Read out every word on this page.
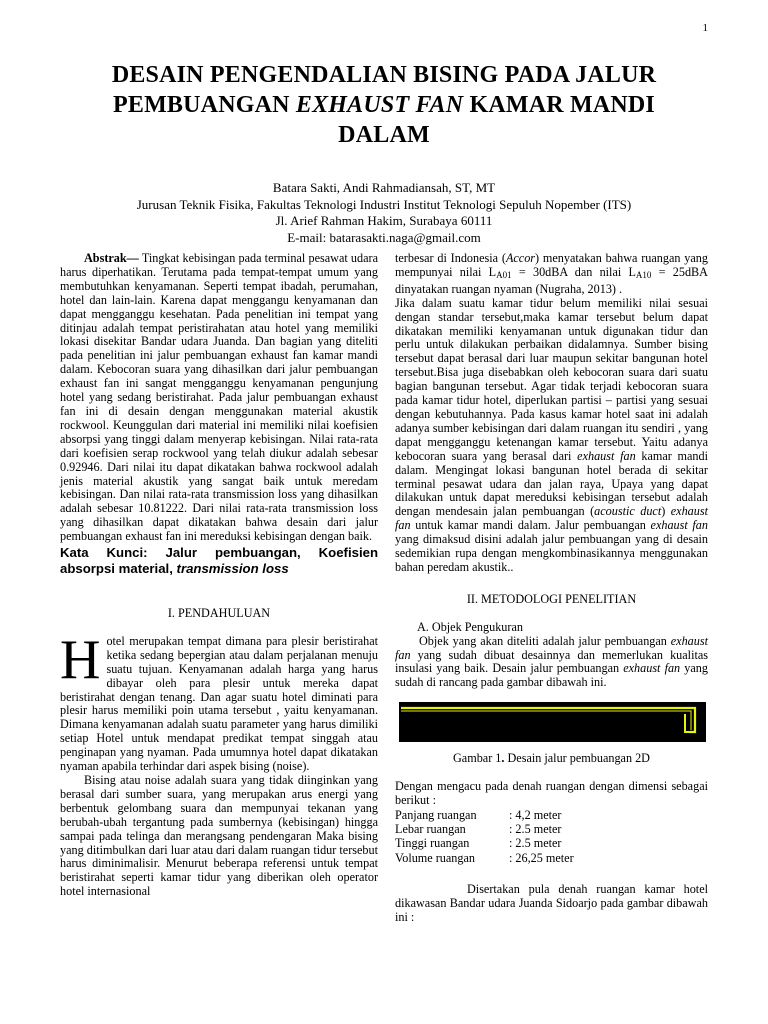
1
DESAIN PENGENDALIAN BISING PADA JALUR
PEMBUANGAN EXHAUST FAN KAMAR MANDI
DALAM
Batara Sakti, Andi Rahmadiansah, ST, MT
Jurusan Teknik Fisika, Fakultas Teknologi Industri Institut Teknologi Sepuluh Nopember (ITS)
Jl. Arief Rahman Hakim, Surabaya 60111
E-mail: batarasakti.naga@gmail.com

Abstrak— Tingkat kebisingan pada terminal pesawat udara harus diperhatikan. Terutama pada tempat-tempat umum yang membutuhkan kenyamanan. Seperti tempat ibadah, perumahan, hotel dan lain-lain. Karena dapat menggangu kenyamanan dan dapat mengganggu kesehatan. Pada penelitian ini tempat yang ditinjau adalah tempat peristirahatan atau hotel yang memiliki lokasi disekitar Bandar udara Juanda. Dan bagian yang diteliti pada penelitian ini jalur pembuangan exhaust fan kamar mandi dalam. Kebocoran suara yang dihasilkan dari jalur pembuangan exhaust fan ini sangat mengganggu kenyamanan pengunjung hotel yang sedang beristirahat. Pada jalur pembuangan exhaust fan ini di desain dengan menggunakan material akustik rockwool. Keunggulan dari material ini memiliki nilai koefisien absorpsi yang tinggi dalam menyerap kebisingan. Nilai rata-rata dari koefisien serap rockwool yang telah diukur adalah sebesar 0.92946. Dari nilai itu dapat dikatakan bahwa rockwool adalah jenis material akustik yang sangat baik untuk meredam kebisingan. Dan nilai rata-rata transmission loss yang dihasilkan adalah sebesar 10.81222. Dari nilai rata-rata transmission loss yang dihasilkan dapat dikatakan bahwa desain dari jalur pembuangan exhaust fan ini mereduksi kebisingan dengan baik.

Kata Kunci: Jalur pembuangan, Koefisien absorpsi material, transmission loss

I. PENDAHULUAN

Hotel merupakan tempat dimana para plesir beristirahat ketika sedang bepergian atau dalam perjalanan menuju suatu tujuan. Kenyamanan adalah harga yang harus dibayar oleh para plesir untuk mereka dapat beristirahat dengan tenang. Dan agar suatu hotel diminati para plesir harus memiliki poin utama tersebut , yaitu kenyamanan. Dimana kenyamanan adalah suatu parameter yang harus dimiliki setiap Hotel untuk mendapat predikat tempat singgah atau penginapan yang nyaman. Pada umumnya hotel dapat dikatakan nyaman apabila terhindar dari aspek bising (noise).

Bising atau noise adalah suara yang tidak diinginkan yang berasal dari sumber suara, yang merupakan arus energi yang berbentuk gelombang suara dan mempunyai tekanan yang berubah-ubah tergantung pada sumbernya (kebisingan) hingga sampai pada telinga dan merangsang pendengaran Maka bising yang ditimbulkan dari luar atau dari dalam ruangan tidur tersebut harus diminimalisir. Menurut beberapa referensi untuk tempat beristirahat seperti kamar tidur yang diberikan oleh operator hotel internasional

terbesar di Indonesia (Accor) menyatakan bahwa ruangan yang mempunyai nilai $L_{A01} = 30dBA$ dan nilai $L_{A10} = 25dBA$ dinyatakan ruangan nyaman (Nugraha, 2013) .

Jika dalam suatu kamar tidur belum memiliki nilai sesuai dengan standar tersebut,maka kamar tersebut belum dapat dikatakan memiliki kenyamanan untuk digunakan tidur dan perlu untuk dilakukan perbaikan didalamnya. Sumber bising tersebut dapat berasal dari luar maupun sekitar bangunan hotel tersebut.Bisa juga disebabkan oleh kebocoran suara dari suatu bagian bangunan tersebut. Agar tidak terjadi kebocoran suara pada kamar tidur hotel, diperlukan partisi – partisi yang sesuai dengan kebutuhannya. Pada kasus kamar hotel saat ini adalah adanya sumber kebisingan dari dalam ruangan itu sendiri , yang dapat mengganggu ketenangan kamar tersebut. Yaitu adanya kebocoran suara yang berasal dari exhaust fan kamar mandi dalam. Mengingat lokasi bangunan hotel berada di sekitar terminal pesawat udara dan jalan raya, Upaya yang dapat dilakukan untuk dapat mereduksi kebisingan tersebut adalah dengan mendesain jalan pembuangan (acoustic duct) exhaust fan untuk kamar mandi dalam. Jalur pembuangan exhaust fan yang dimaksud disini adalah jalur pembuangan yang di desain sedemikian rupa dengan mengkombinasikannya menggunakan bahan peredam akustik..

II. METODOLOGI PENELITIAN
A. Objek Pengukuran

Objek yang akan diteliti adalah jalur pembuangan exhaust fan yang sudah dibuat desainnya dan memerlukan kualitas insulasi yang baik. Desain jalur pembuangan exhaust fan yang sudah di rancang pada gambar dibawah ini.

Gambar 1. Desain jalur pembuangan 2D

Dengan mengacu pada denah ruangan dengan dimensi sebagai berikut :

Panjang ruangan	: 4,2 meter
Lebar ruangan	: 2.5 meter
Tinggi ruangan	: 2.5 meter
Volume ruangan	: 26,25 meter

Disertakan pula denah ruangan kamar hotel dikawasan Bandar udara Juanda Sidoarjo pada gambar dibawah ini :
